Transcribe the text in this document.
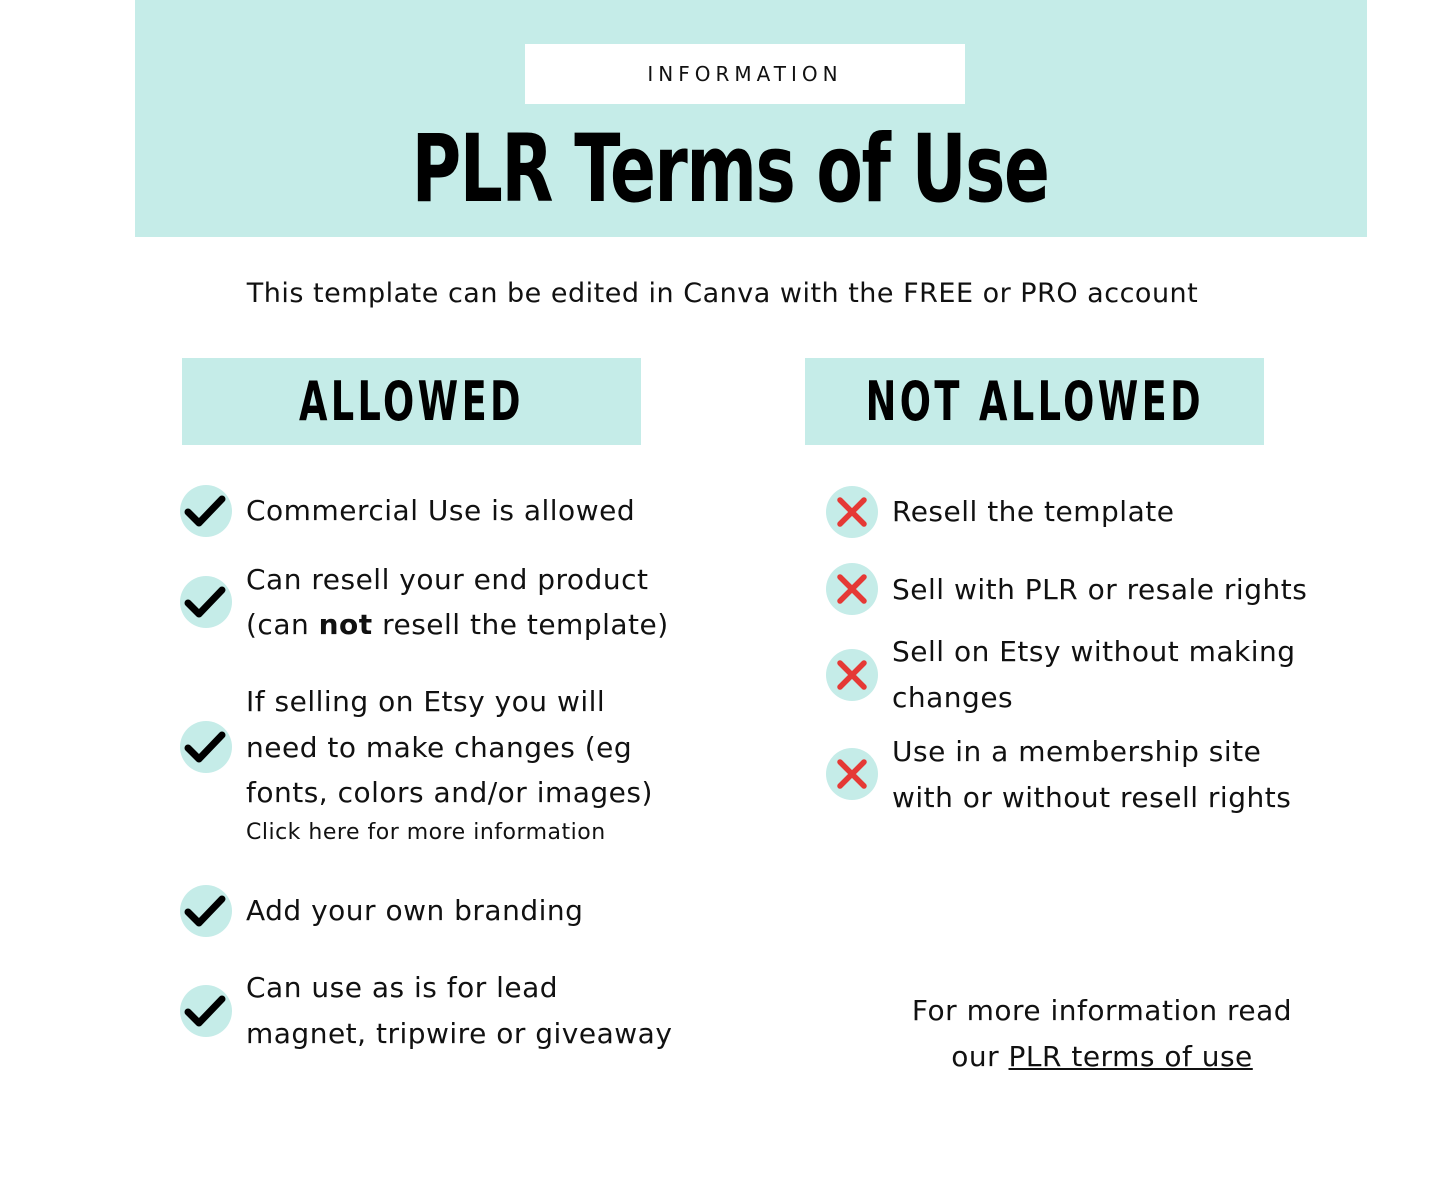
INFORMATION
PLR Terms of Use
This template can be edited in Canva with the FREE or PRO account
ALLOWED	NOT ALLOWED
Commercial Use is allowed
Can resell your end product
(can not resell the template)
If selling on Etsy you will
need to make changes (eg
fonts, colors and/or images)
Click here for more information
Add your own branding
Can use as is for lead
magnet, tripwire or giveaway
Resell the template
Sell with PLR or resale rights
Sell on Etsy without making
changes
Use in a membership site
with or without resell rights
For more information read
our PLR terms of use
